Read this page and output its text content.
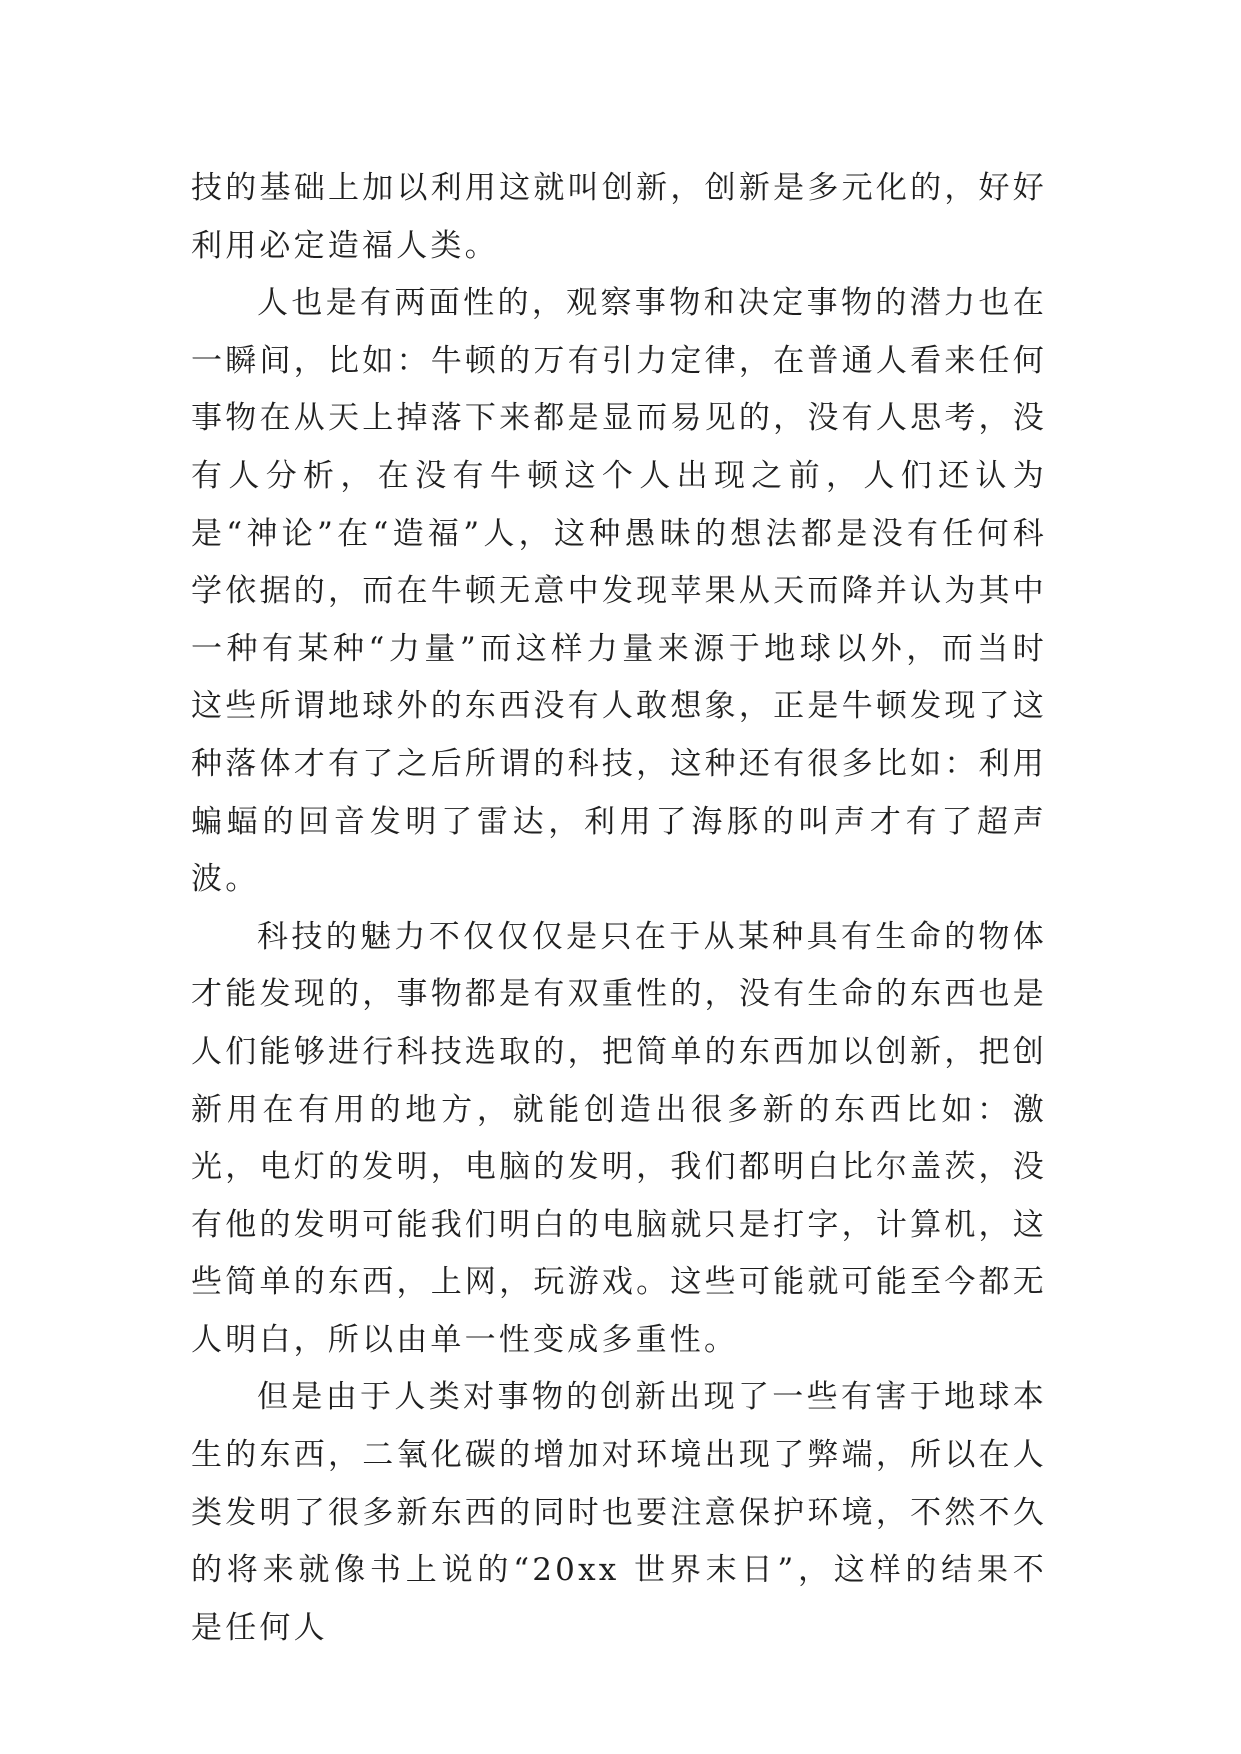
技的基础上加以利用这就叫创新，创新是多元化的，好好利用必定造福人类。

人也是有两面性的，观察事物和决定事物的潜力也在一瞬间，比如：牛顿的万有引力定律，在普通人看来任何事物在从天上掉落下来都是显而易见的，没有人思考，没有人分析，在没有牛顿这个人出现之前，人们还认为是“神论”在“造福”人，这种愚昧的想法都是没有任何科学依据的，而在牛顿无意中发现苹果从天而降并认为其中一种有某种“力量”而这样力量来源于地球以外，而当时这些所谓地球外的东西没有人敢想象，正是牛顿发现了这种落体才有了之后所谓的科技，这种还有很多比如：利用蝙蝠的回音发明了雷达，利用了海豚的叫声才有了超声波。

科技的魅力不仅仅仅是只在于从某种具有生命的物体才能发现的，事物都是有双重性的，没有生命的东西也是人们能够进行科技选取的，把简单的东西加以创新，把创新用在有用的地方，就能创造出很多新的东西比如：激光，电灯的发明，电脑的发明，我们都明白比尔盖茨，没有他的发明可能我们明白的电脑就只是打字，计算机，这些简单的东西，上网，玩游戏。这些可能就可能至今都无人明白，所以由单一性变成多重性。

但是由于人类对事物的创新出现了一些有害于地球本生的东西，二氧化碳的增加对环境出现了弊端，所以在人类发明了很多新东西的同时也要注意保护环境，不然不久的将来就像书上说的“20xx 世界末日”，这样的结果不是任何人
